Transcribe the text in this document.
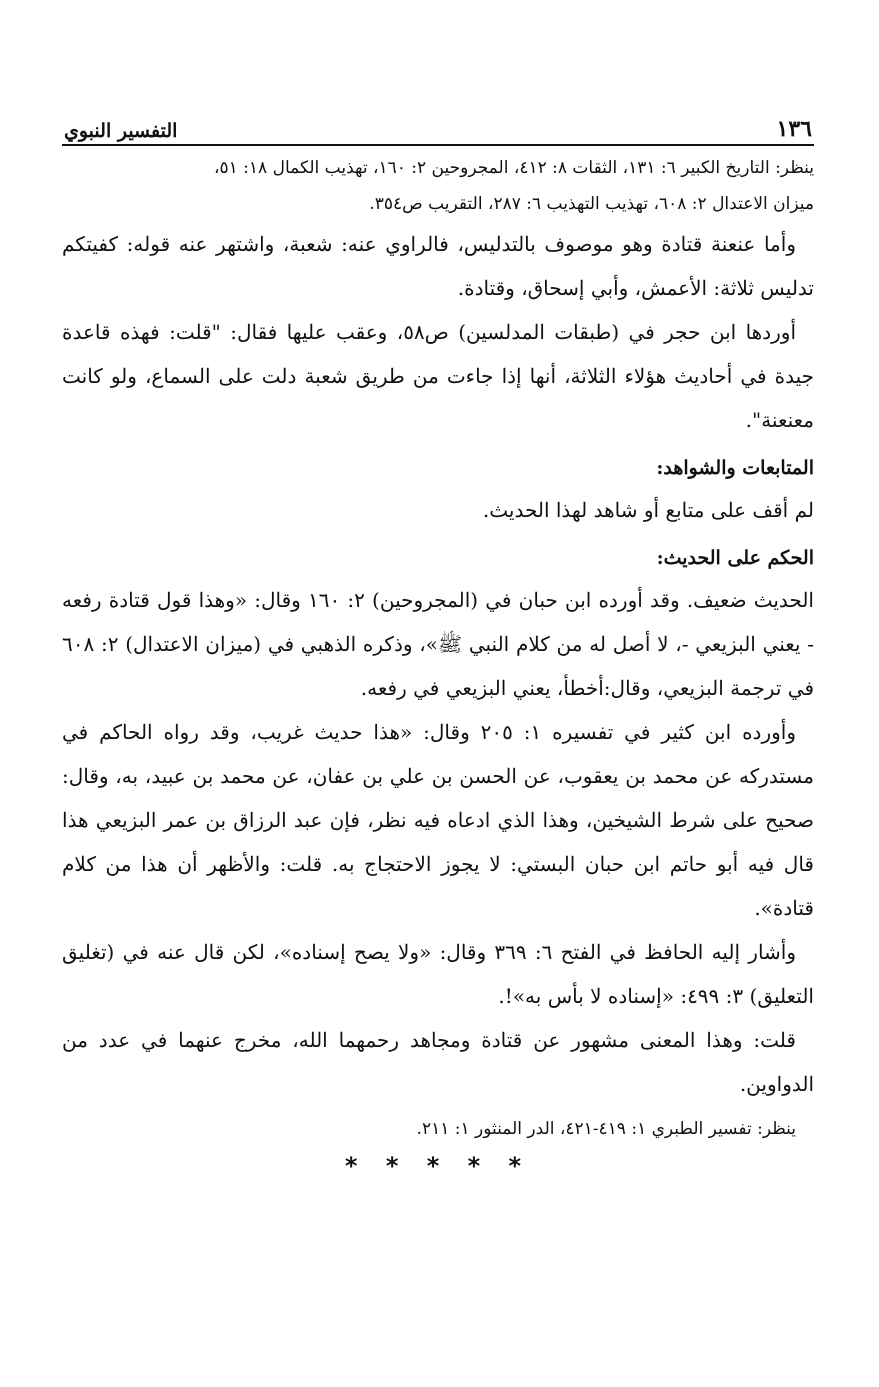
١٣٦
التفسير النبوي

ينظر: التاريخ الكبير ٦: ١٣١، الثقات ٨: ٤١٢، المجروحين ٢: ١٦٠، تهذيب الكمال ١٨: ٥١،

ميزان الاعتدال ٢: ٦٠٨، تهذيب التهذيب ٦: ٢٨٧، التقريب ص٣٥٤.

وأما عنعنة قتادة وهو موصوف بالتدليس، فالراوي عنه: شعبة، واشتهر عنه قوله: كفيتكم تدليس ثلاثة: الأعمش، وأبي إسحاق، وقتادة.

أوردها ابن حجر في (طبقات المدلسين) ص٥٨، وعقب عليها فقال: "قلت: فهذه قاعدة جيدة في أحاديث هؤلاء الثلاثة، أنها إذا جاءت من طريق شعبة دلت على السماع، ولو كانت معنعنة".

المتابعات والشواهد:

لم أقف على متابع أو شاهد لهذا الحديث.

الحكم على الحديث:

الحديث ضعيف. وقد أورده ابن حبان في (المجروحين) ٢: ١٦٠ وقال: «وهذا قول قتادة رفعه - يعني البزيعي -، لا أصل له من كلام النبي ﷺ»، وذكره الذهبي في (ميزان الاعتدال) ٢: ٦٠٨ في ترجمة البزيعي، وقال:أخطأ، يعني البزيعي في رفعه.

وأورده ابن كثير في تفسيره ١: ٢٠٥ وقال: «هذا حديث غريب، وقد رواه الحاكم في مستدركه عن محمد بن يعقوب، عن الحسن بن علي بن عفان، عن محمد بن عبيد، به، وقال: صحيح على شرط الشيخين، وهذا الذي ادعاه فيه نظر، فإن عبد الرزاق بن عمر البزيعي هذا قال فيه أبو حاتم ابن حبان البستي: لا يجوز الاحتجاج به. قلت: والأظهر أن هذا من كلام قتادة».

وأشار إليه الحافظ في الفتح ٦: ٣٦٩ وقال: «ولا يصح إسناده»، لكن قال عنه في (تغليق التعليق) ٣: ٤٩٩: «إسناده لا بأس به»!.

قلت: وهذا المعنى مشهور عن قتادة ومجاهد رحمهما الله، مخرج عنهما في عدد من الدواوين.

ينظر: تفسير الطبري ١: ٤١٩-٤٢١، الدر المنثور ١: ٢١١.

* * * * *
